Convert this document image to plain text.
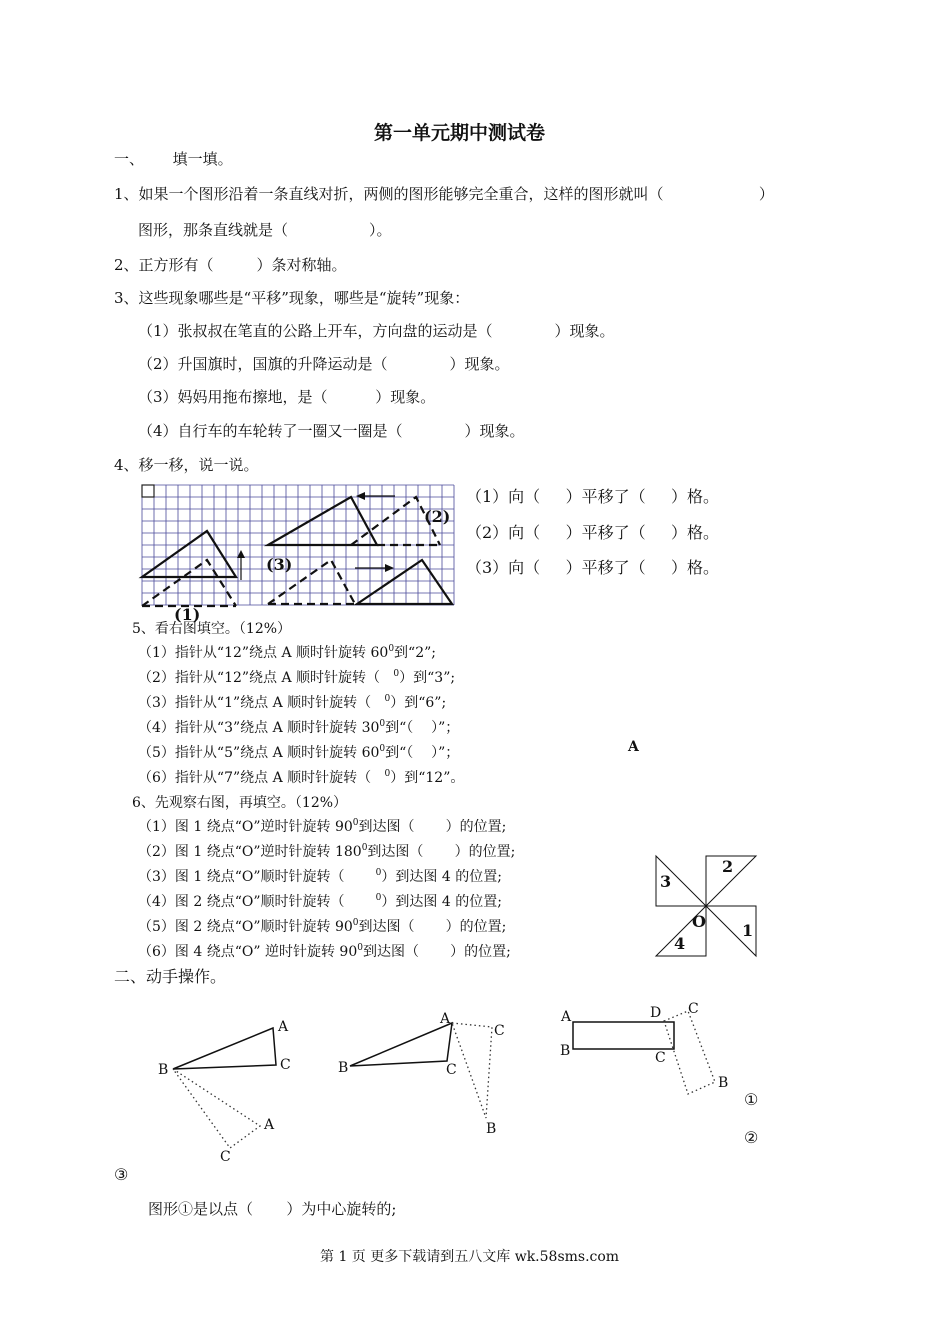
第一单元期中测试卷
一、      填一填。
1、如果一个图形沿着一条直线对折，两侧的图形能够完全重合，这样的图形就叫（                    ）
图形，那条直线就是（                 ）。
2、正方形有（         ）条对称轴。
3、这些现象哪些是“平移”现象，哪些是“旋转”现象：
（1）张叔叔在笔直的公路上开车，方向盘的运动是（             ）现象。
（2）升国旗时，国旗的升降运动是（             ）现象。
（3）妈妈用拖布擦地，是（          ）现象。
（4）自行车的车轮转了一圈又一圈是（             ）现象。
4、移一移，说一说。
(2)
(3)
(1)
（1）向（     ）平移了（     ）格。
（2）向（     ）平移了（     ）格。
（3）向（     ）平移了（     ）格。
5、看右图填空。（12%）
（1）指针从“12”绕点 A 顺时针旋转 $60^0$到“2”;
（2）指针从“12”绕点 A 顺时针旋转（   $^0$）到“3”;
（3）指针从“1”绕点 A 顺时针旋转（   $^0$）到“6”;
（4）指针从“3”绕点 A 顺时针旋转 $30^0$到“（    ）”；
（5）指针从“5”绕点 A 顺时针旋转 $60^0$到“（    ）”；
（6）指针从“7”绕点 A 顺时针旋转（   $^0$）到“12”。
A
6、先观察右图，再填空。（12%）
（1）图 1 绕点“O”逆时针旋转 $90^0$到达图（       ）的位置;
（2）图 1 绕点“O”逆时针旋转 $180^0$到达图（       ）的位置;
（3）图 1 绕点“O”顺时针旋转（       $^0$）到达图 4 的位置;
（4）图 2 绕点“O”顺时针旋转（       $^0$）到达图 4 的位置;
（5）图 2 绕点“O”顺时针旋转 $90^0$到达图（       ）的位置;
（6）图 4 绕点“O” 逆时针旋转 $90^0$到达图（       ）的位置;
2
3
O 1
4
二、动手操作。
A
B	C
A
C
A
B	C
C
B
A
B
D
C
C
B
①
②
③
图形①是以点（       ）为中心旋转的;
第 1 页 更多下载请到五八文库 wk.58sms.com
